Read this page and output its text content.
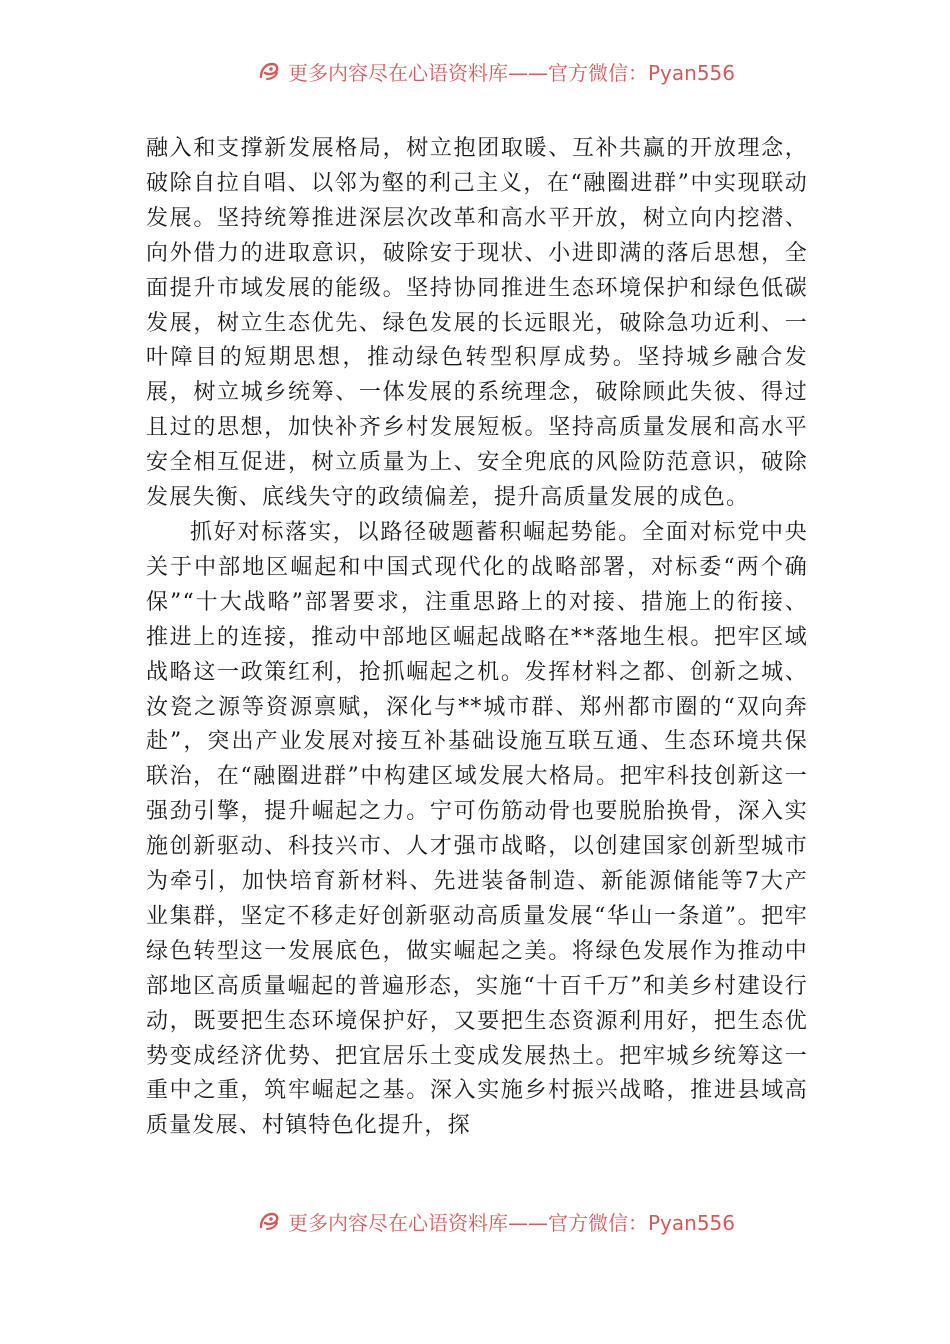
更多内容尽在心语资料库——官方微信：Pyan556

融入和支撑新发展格局，树立抱团取暖、互补共赢的开放理念，破除自拉自唱、以邻为壑的利己主义，在“融圈进群”中实现联动发展。坚持统筹推进深层次改革和高水平开放，树立向内挖潜、向外借力的进取意识，破除安于现状、小进即满的落后思想，全面提升市域发展的能级。坚持协同推进生态环境保护和绿色低碳发展，树立生态优先、绿色发展的长远眼光，破除急功近利、一叶障目的短期思想，推动绿色转型积厚成势。坚持城乡融合发展，树立城乡统筹、一体发展的系统理念，破除顾此失彼、得过且过的思想，加快补齐乡村发展短板。坚持高质量发展和高水平安全相互促进，树立质量为上、安全兜底的风险防范意识，破除发展失衡、底线失守的政绩偏差，提升高质量发展的成色。

抓好对标落实，以路径破题蓄积崛起势能。全面对标党中央关于中部地区崛起和中国式现代化的战略部署，对标委“两个确保”“十大战略”部署要求，注重思路上的对接、措施上的衔接、推进上的连接，推动中部地区崛起战略在**落地生根。把牢区域战略这一政策红利，抢抓崛起之机。发挥材料之都、创新之城、汝瓷之源等资源禀赋，深化与**城市群、郑州都市圈的“双向奔赴”，突出产业发展对接互补基础设施互联互通、生态环境共保联治，在“融圈进群”中构建区域发展大格局。把牢科技创新这一强劲引擎，提升崛起之力。宁可伤筋动骨也要脱胎换骨，深入实施创新驱动、科技兴市、人才强市战略，以创建国家创新型城市为牵引，加快培育新材料、先进装备制造、新能源储能等7大产业集群，坚定不移走好创新驱动高质量发展“华山一条道”。把牢绿色转型这一发展底色，做实崛起之美。将绿色发展作为推动中部地区高质量崛起的普遍形态，实施“十百千万”和美乡村建设行动，既要把生态环境保护好，又要把生态资源利用好，把生态优势变成经济优势、把宜居乐土变成发展热土。把牢城乡统筹这一重中之重，筑牢崛起之基。深入实施乡村振兴战略，推进县域高质量发展、村镇特色化提升，探

更多内容尽在心语资料库——官方微信：Pyan556
